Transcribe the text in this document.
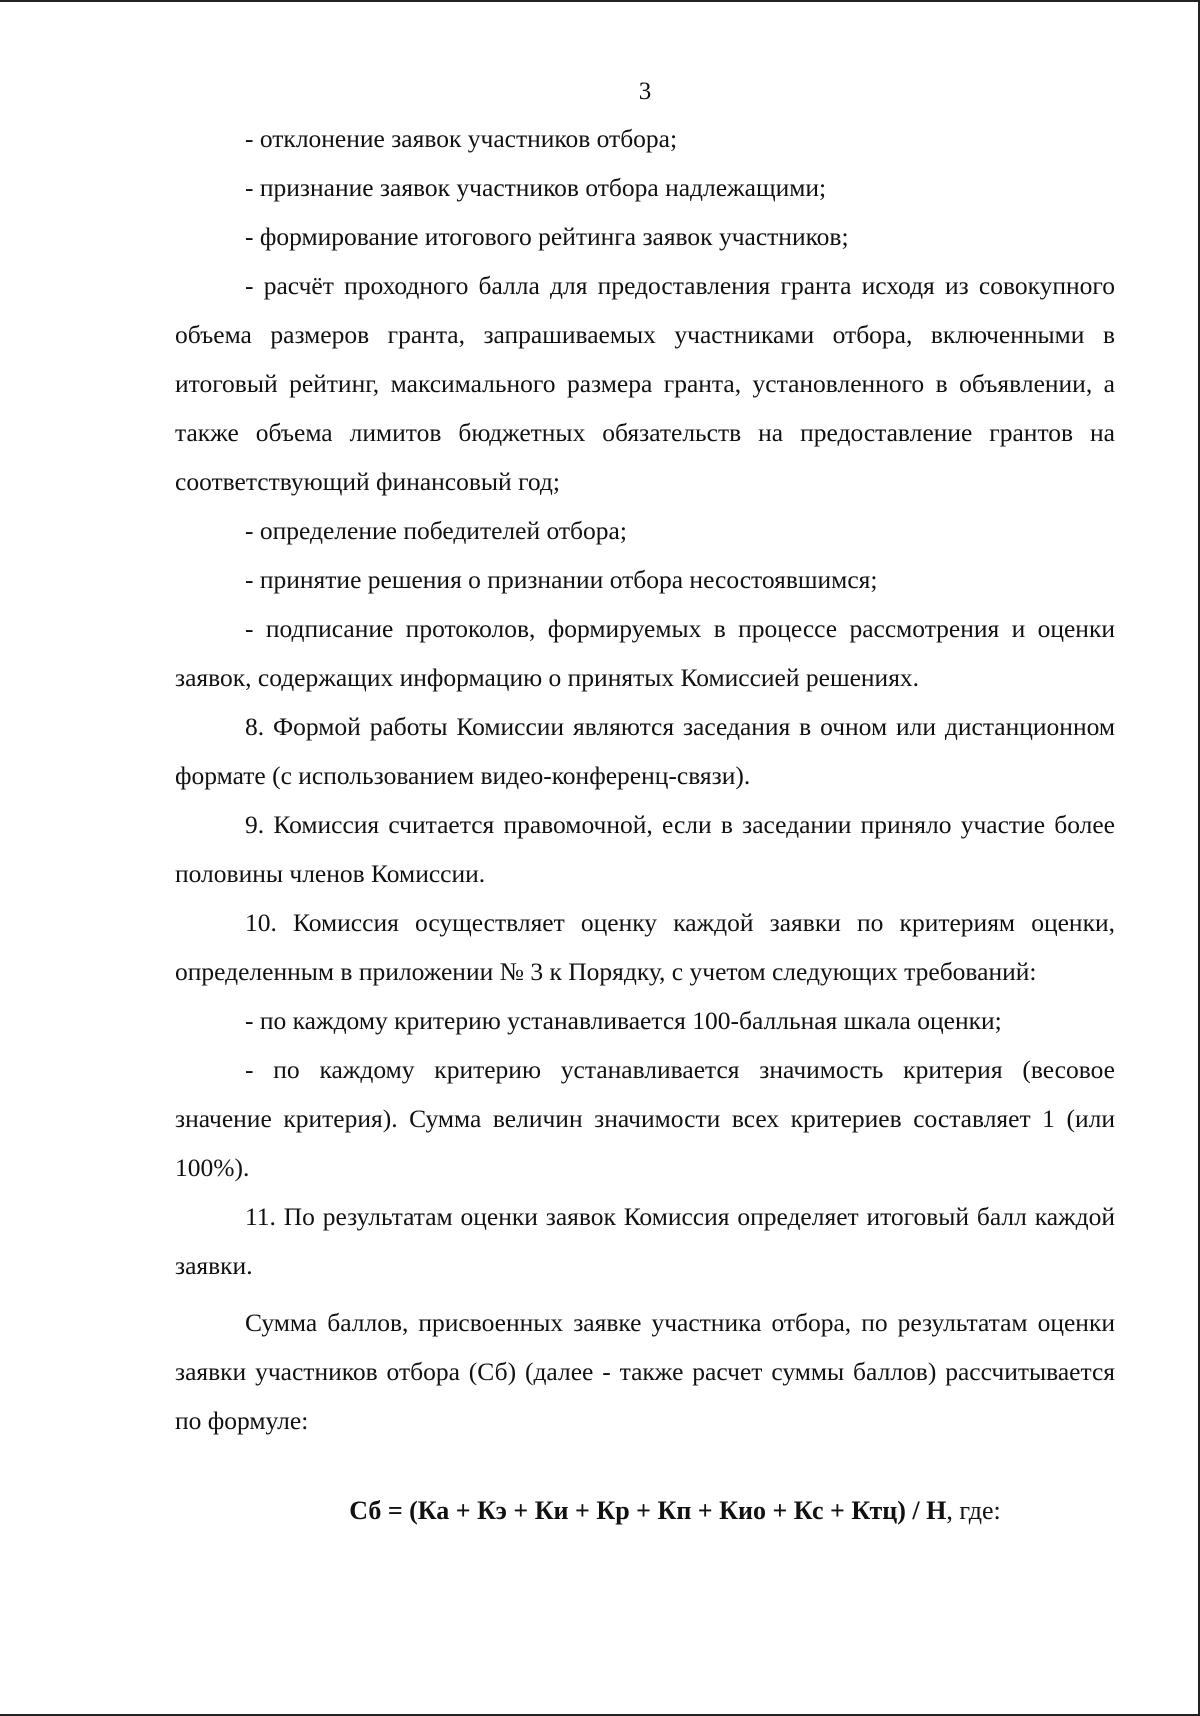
3

- отклонение заявок участников отбора;

- признание заявок участников отбора надлежащими;

- формирование итогового рейтинга заявок участников;

- расчёт проходного балла для предоставления гранта исходя из совокупного объема размеров гранта, запрашиваемых участниками отбора, включенными в итоговый рейтинг, максимального размера гранта, установленного в объявлении, а также объема лимитов бюджетных обязательств на предоставление грантов на соответствующий финансовый год;

- определение победителей отбора;

- принятие решения о признании отбора несостоявшимся;

- подписание протоколов, формируемых в процессе рассмотрения и оценки заявок, содержащих информацию о принятых Комиссией решениях.

8. Формой работы Комиссии являются заседания в очном или дистанционном формате (с использованием видео-конференц-связи).

9. Комиссия считается правомочной, если в заседании приняло участие более половины членов Комиссии.

10. Комиссия осуществляет оценку каждой заявки по критериям оценки, определенным в приложении № 3 к Порядку, с учетом следующих требований:

- по каждому критерию устанавливается 100-балльная шкала оценки;

- по каждому критерию устанавливается значимость критерия (весовое значение критерия). Сумма величин значимости всех критериев составляет 1 (или 100%).

11. По результатам оценки заявок Комиссия определяет итоговый балл каждой заявки.

Сумма баллов, присвоенных заявке участника отбора, по результатам оценки заявки участников отбора (Сб) (далее - также расчет суммы баллов) рассчитывается по формуле:

Сб = (Ка + Кэ + Ки + Кр + Кп + Кио + Кс + Ктц) / Н, где:
